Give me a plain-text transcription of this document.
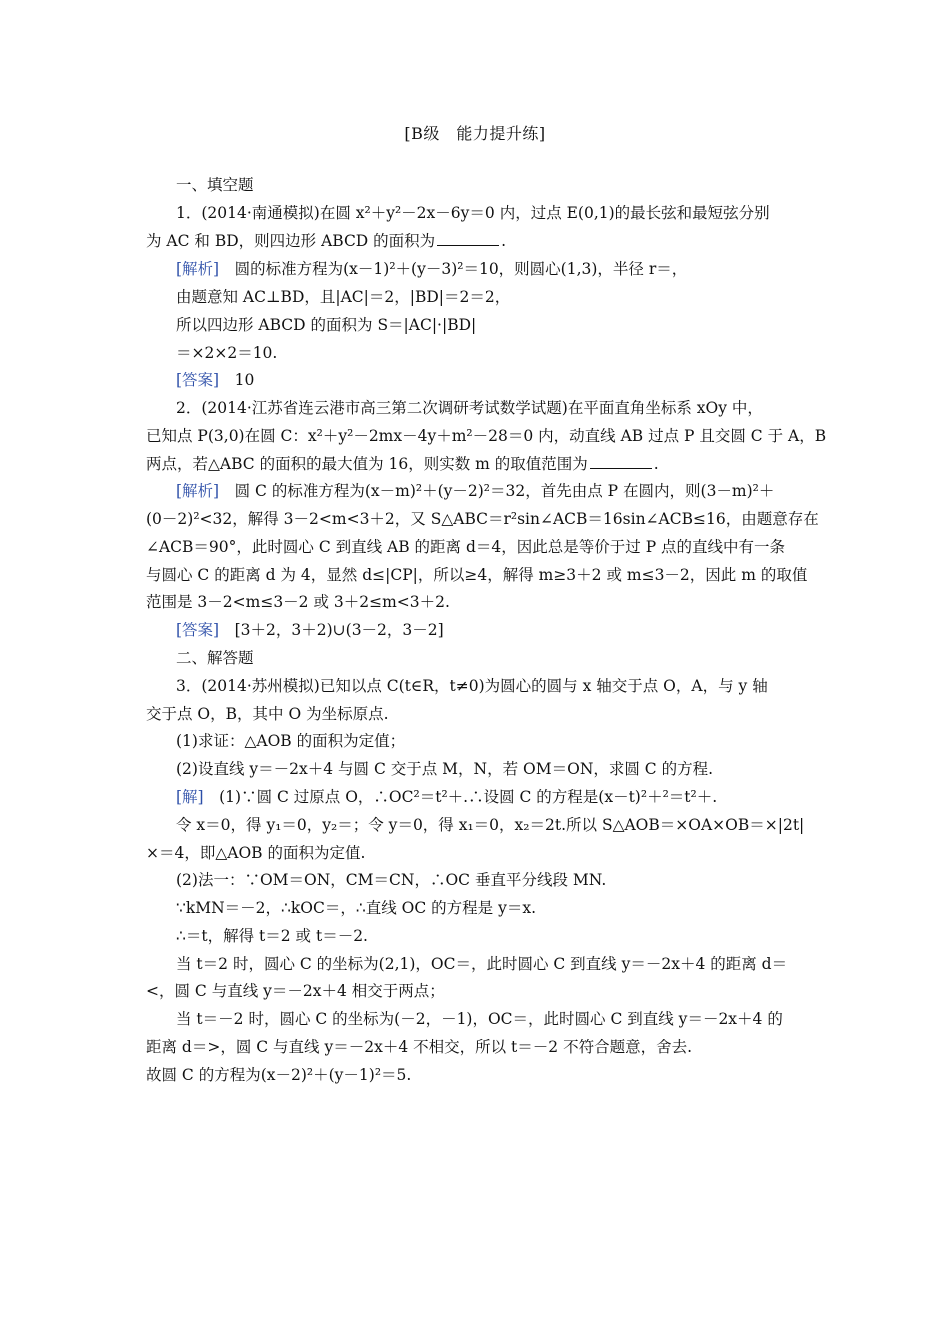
[B级　能力提升练]
一、填空题
1．(2014·南通模拟)在圆 x²＋y²－2x－6y＝0 内，过点 E(0,1)的最长弦和最短弦分别
为 AC 和 BD，则四边形 ABCD 的面积为	.
[解析]　 圆的标准方程为(x－1)²＋(y－3)²＝10，则圆心(1,3)，半径 r＝，
由题意知 AC⊥BD，且|AC|＝2，|BD|＝2＝2，
所以四边形 ABCD 的面积为 S＝|AC|·|BD|
＝×2×2＝10.
[答案]　 10
2．(2014·江苏省连云港市高三第二次调研考试数学试题)在平面直角坐标系 xOy 中，
已知点 P(3,0)在圆 C：x²＋y²－2mx－4y＋m²－28＝0 内，动直线 AB 过点 P 且交圆 C 于 A，B
两点，若△ABC 的面积的最大值为 16，则实数 m 的取值范围为	.
[解析]　 圆 C 的标准方程为(x－m)²＋(y－2)²＝32，首先由点 P 在圆内，则(3－m)²＋
(0－2)²<32，解得 3－2<m<3＋2，又 S△ABC＝r²sin∠ACB＝16sin∠ACB≤16，由题意存在
∠ACB＝90°，此时圆心 C 到直线 AB 的距离 d＝4，因此总是等价于过 P 点的直线中有一条
与圆心 C 的距离 d 为 4，显然 d≤|CP|，所以≥4，解得 m≥3＋2 或 m≤3－2，因此 m 的取值
范围是 3－2<m≤3－2 或 3＋2≤m<3＋2.
[答案]　 [3＋2，3＋2)∪(3－2，3－2]
二、解答题
3．(2014·苏州模拟)已知以点 C(t∈R，t≠0)为圆心的圆与 x 轴交于点 O，A，与 y 轴
交于点 O，B，其中 O 为坐标原点.
(1)求证：△AOB 的面积为定值；
(2)设直线 y＝－2x＋4 与圆 C 交于点 M，N，若 OM＝ON，求圆 C 的方程.
[解]　 (1)∵圆 C 过原点 O，∴OC²＝t²＋.∴设圆 C 的方程是(x－t)²＋²＝t²＋.
令 x＝0，得 y₁＝0，y₂＝；令 y＝0，得 x₁＝0，x₂＝2t.所以 S△AOB＝×OA×OB＝×|2t|
×＝4，即△AOB 的面积为定值.
(2)法一：∵OM＝ON，CM＝CN，∴OC 垂直平分线段 MN.
∵kMN＝－2，∴kOC＝，∴直线 OC 的方程是 y＝x.
∴＝t，解得 t＝2 或 t＝－2.
当 t＝2 时，圆心 C 的坐标为(2,1)，OC＝，此时圆心 C 到直线 y＝－2x＋4 的距离 d＝
<，圆 C 与直线 y＝－2x＋4 相交于两点；
当 t＝－2 时，圆心 C 的坐标为(－2，－1)，OC＝，此时圆心 C 到直线 y＝－2x＋4 的
距离 d＝>，圆 C 与直线 y＝－2x＋4 不相交，所以 t＝－2 不符合题意，舍去.
故圆 C 的方程为(x－2)²＋(y－1)²＝5.
